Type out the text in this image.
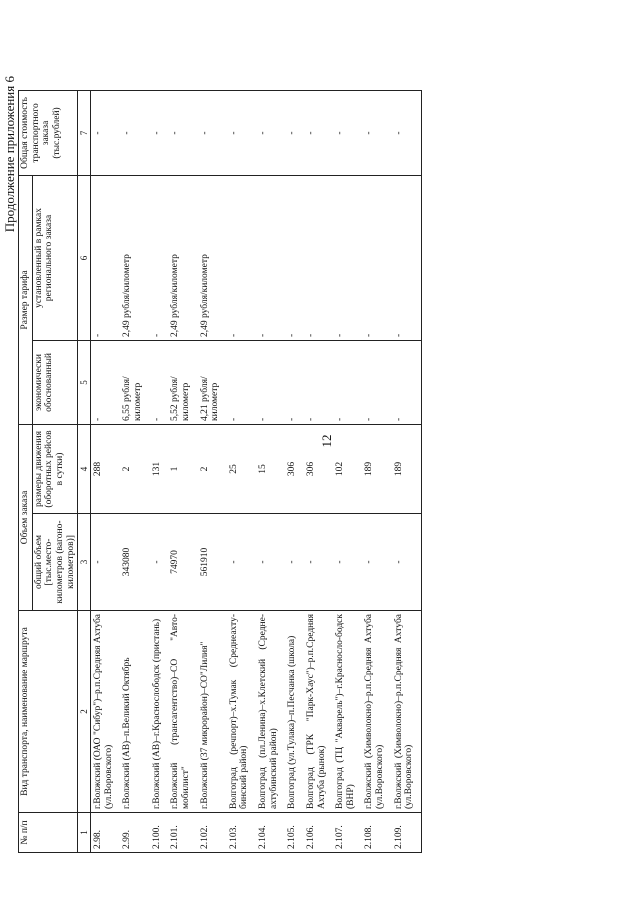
12
Продолжение приложения 6
№ п/п	Вид транспорта, наименование маршрута	Объем заказа		Размер тарифа		Общая стоимость транспортного заказа (тыс.рублей)
		общий объем [тыс.место-километров (вагоно-километров)]	размеры движения (оборотных рейсов в сутки)	экономически обоснованный	установленный в рамках регионального заказа	
1	2	3	4	5	6	7
2.98.	г.Волжский (ОАО "Сибур")–р.п.Средняя Ахтуба (ул.Воровского)	-	288	-	-	-
2.99.	г.Волжский (АВ)–п.Великий Октябрь	343080	2	6,55 рубля/ километр	2,49 рубля/километр	-
2.100.	г.Волжский (АВ)–г.Краснослободск (пристань)	-	131	-	-	-
2.101.	г.Волжский (трансагентство)–СО "Авто-мобилист"	74970	1	5,52 рубля/ километр	2,49 рубля/километр	-
2.102.	г.Волжский (37 микрорайон)–СО"Лилия"	561910	2	4,21 рубля/ километр	2,49 рубля/километр	-
2.103.	Волгоград (речпорт)–х.Тумак (Среднеахту-бинский район)	-	25	-	-	-
2.104.	Волгоград (пл.Ленина)–х.Клетский (Средне-ахтубинский район)	-	15	-	-	-
2.105.	Волгоград (ул.Тулака)–п.Песчанка (школа)	-	306	-	-	-
2.106.	Волгоград (ТРК "Парк-Хаус")–р.п.Средняя Ахтуба (рынок)	-	306	-	-	-
2.107.	Волгоград (ТЦ "Акварель")–г.Краснослo-бодск (ВНР)	-	102	-	-	-
2.108.	г.Волжский (Химволокно)–р.п.Средняя Ахтуба (ул.Воровского)	-	189	-	-	-
2.109.	г.Волжский (Химволокно)–р.п.Средняя Ахтуба (ул.Воровского)	-	189	-	-	-
